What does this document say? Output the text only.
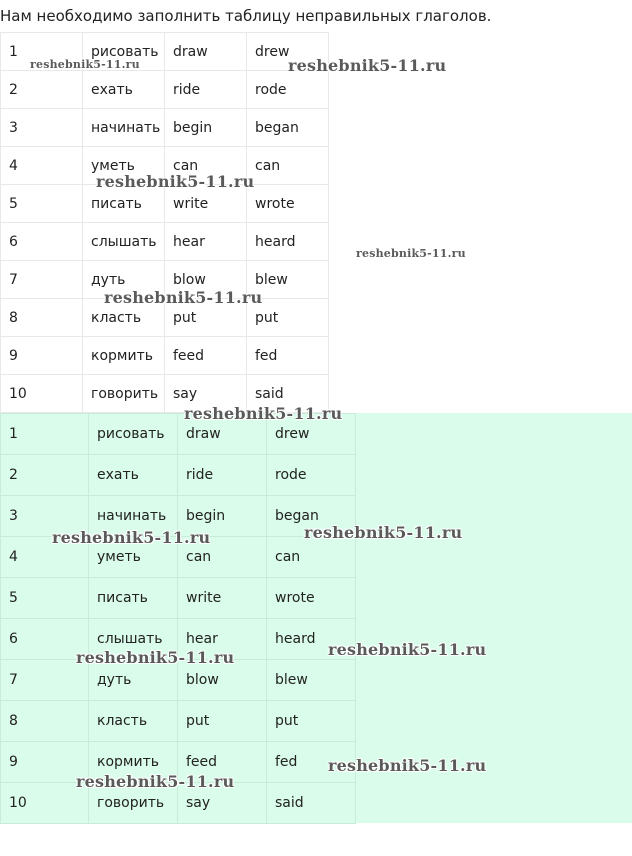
Нам необходимо заполнить таблицу неправильных глаголов.
1	рисовать	draw	drew
2	ехать	ride	rode
3	начинать	begin	began
4	уметь	can	can
5	писать	write	wrote
6	слышать	hear	heard
7	дуть	blow	blew
8	класть	put	put
9	кормить	feed	fed
10	говорить	say	said
1	рисовать	draw	drew
2	ехать	ride	rode
3	начинать	begin	began
4	уметь	can	can
5	писать	write	wrote
6	слышать	hear	heard
7	дуть	blow	blew
8	класть	put	put
9	кормить	feed	fed
10	говорить	say	said
reshebnik5-11.ru	reshebnik5-11.ru
reshebnik5-11.ru
reshebnik5-11.ru
reshebnik5-11.ru
reshebnik5-11.ru
reshebnik5-11.ru	reshebnik5-11.ru
reshebnik5-11.ru	reshebnik5-11.ru
reshebnik5-11.ru
reshebnik5-11.ru
